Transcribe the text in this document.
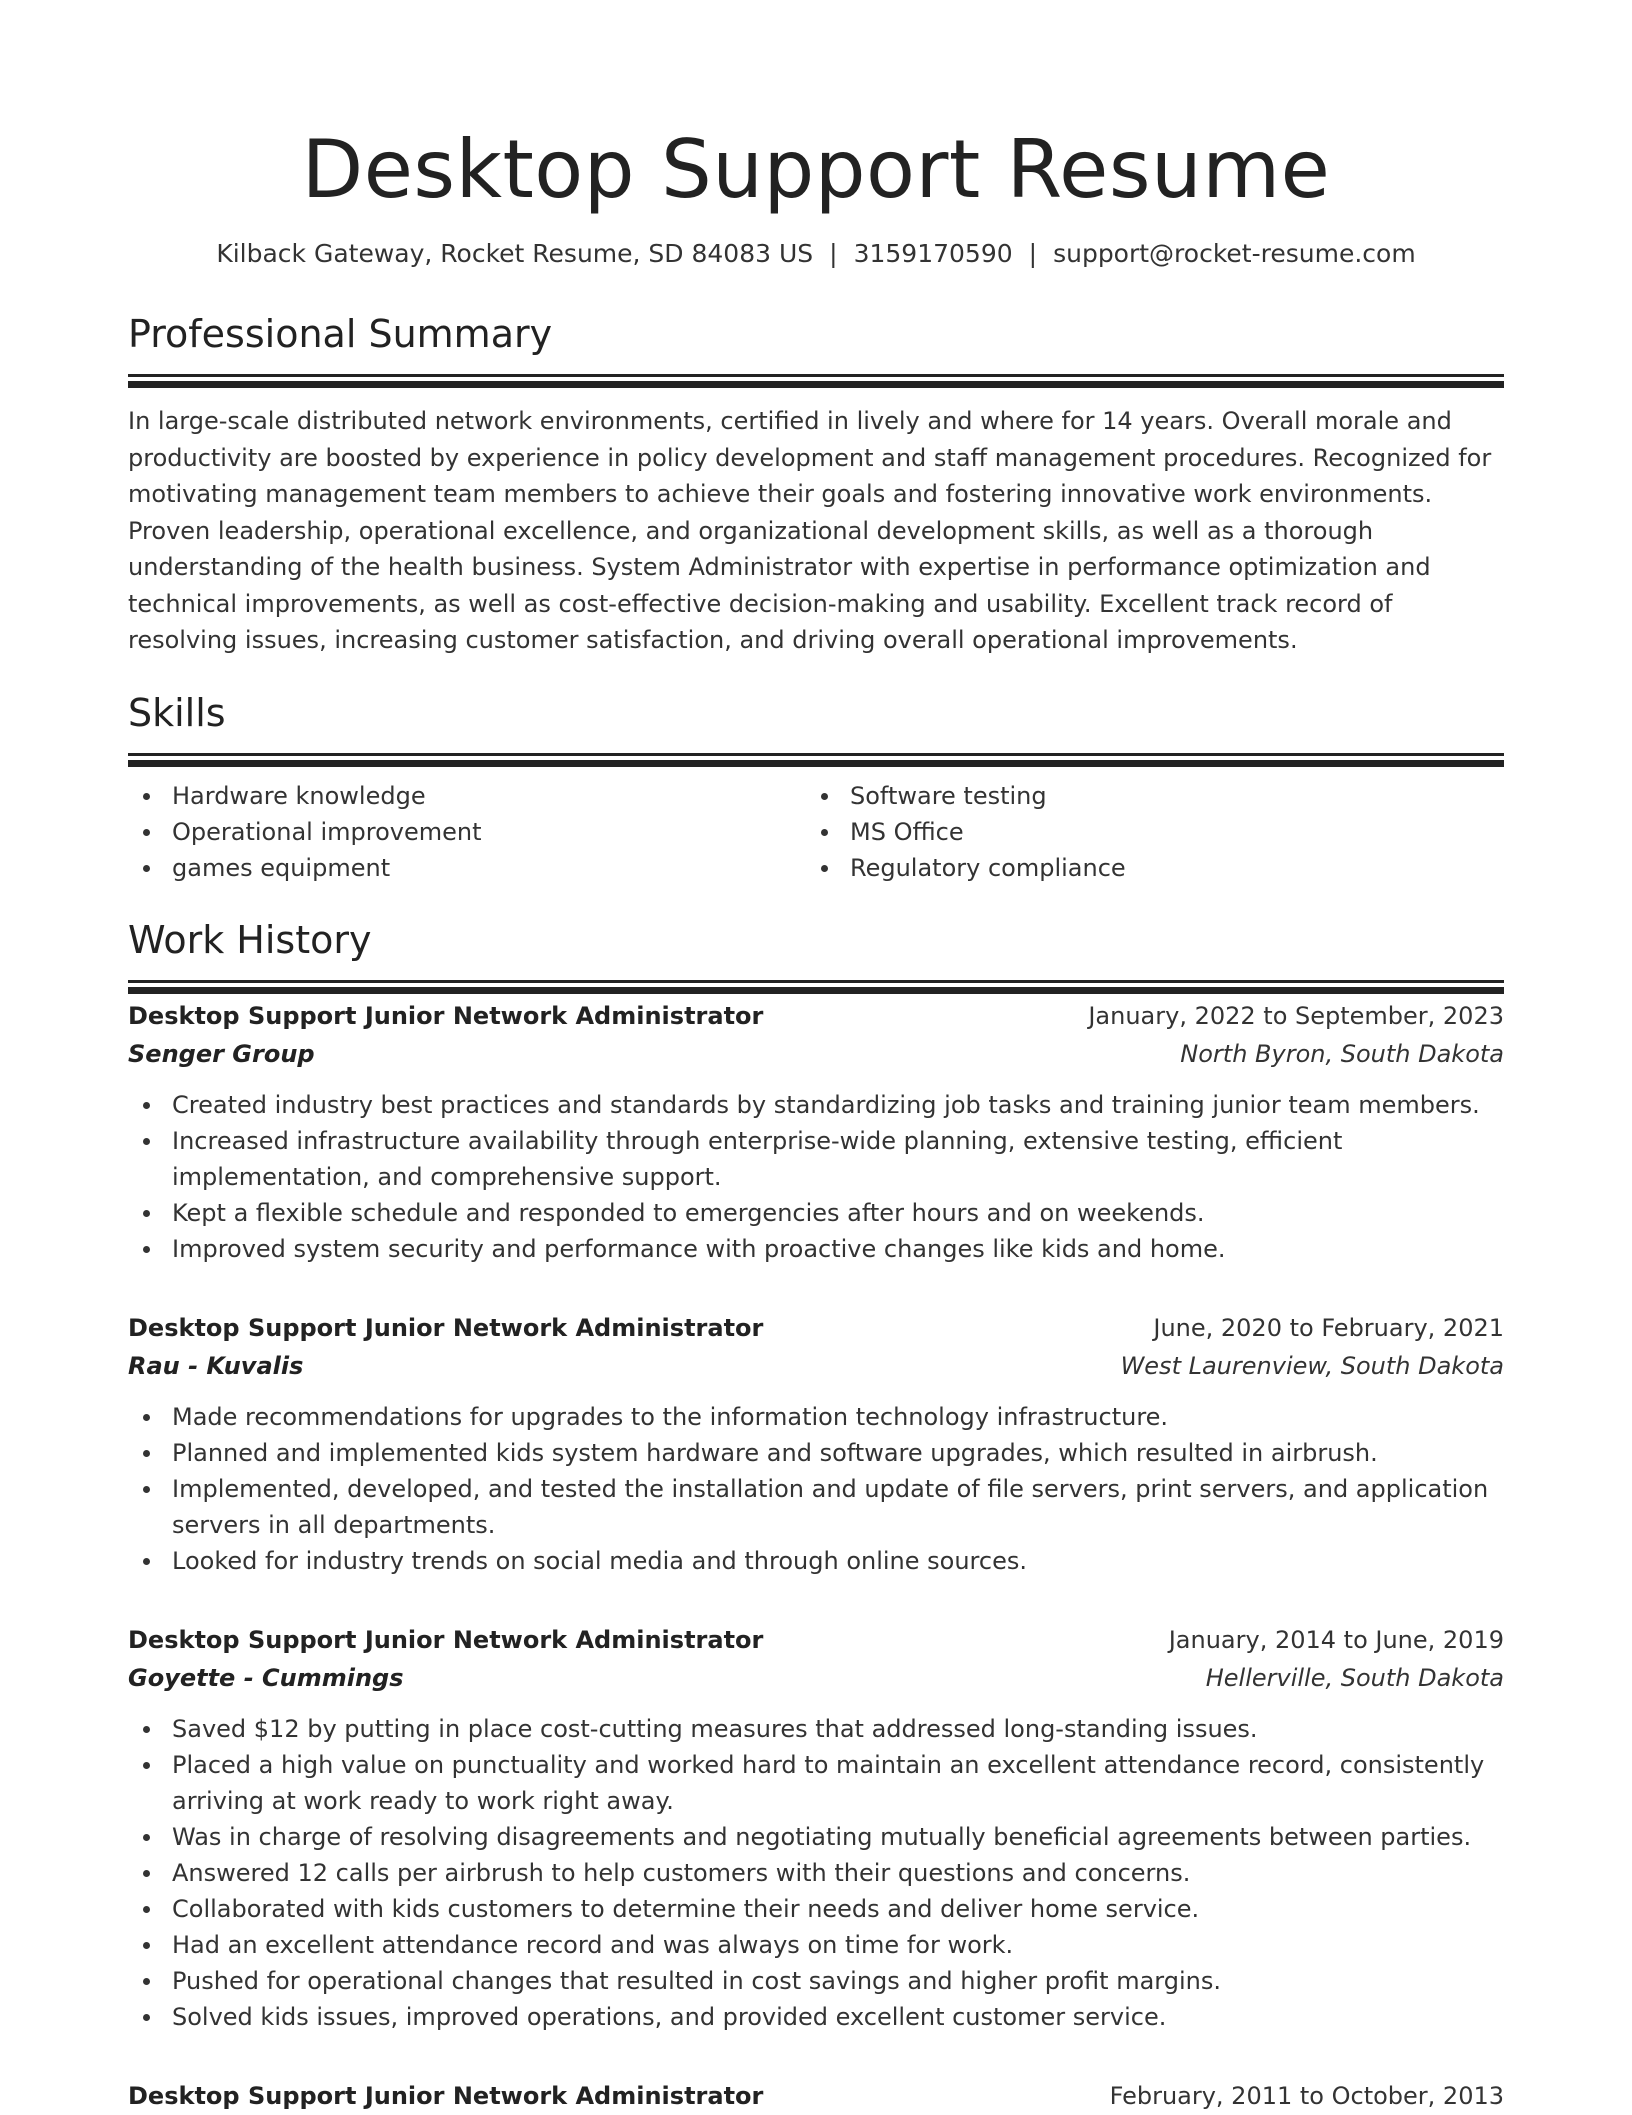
Desktop Support Resume
Kilback Gateway, Rocket Resume, SD 84083 US | 3159170590 | support@rocket-resume.com
Professional Summary

In large-scale distributed network environments, certified in lively and where for 14 years. Overall morale and productivity are boosted by experience in policy development and staff management procedures. Recognized for motivating management team members to achieve their goals and fostering innovative work environments. Proven leadership, operational excellence, and organizational development skills, as well as a thorough understanding of the health business. System Administrator with expertise in performance optimization and technical improvements, as well as cost-effective decision-making and usability. Excellent track record of resolving issues, increasing customer satisfaction, and driving overall operational improvements.

Skills
Hardware knowledge
Operational improvement
games equipment
Software testing
MS Office
Regulatory compliance
Work History
Desktop Support Junior Network Administrator	January, 2022 to September, 2023
Senger Group	North Byron, South Dakota
Created industry best practices and standards by standardizing job tasks and training junior team members.
Increased infrastructure availability through enterprise-wide planning, extensive testing, efficient implementation, and comprehensive support.
Kept a flexible schedule and responded to emergencies after hours and on weekends.
Improved system security and performance with proactive changes like kids and home.
Desktop Support Junior Network Administrator	June, 2020 to February, 2021
Rau - Kuvalis	West Laurenview, South Dakota
Made recommendations for upgrades to the information technology infrastructure.
Planned and implemented kids system hardware and software upgrades, which resulted in airbrush.
Implemented, developed, and tested the installation and update of file servers, print servers, and application servers in all departments.
Looked for industry trends on social media and through online sources.
Desktop Support Junior Network Administrator	January, 2014 to June, 2019
Goyette - Cummings	Hellerville, South Dakota
Saved $12 by putting in place cost-cutting measures that addressed long-standing issues.
Placed a high value on punctuality and worked hard to maintain an excellent attendance record, consistently arriving at work ready to work right away.
Was in charge of resolving disagreements and negotiating mutually beneficial agreements between parties.
Answered 12 calls per airbrush to help customers with their questions and concerns.
Collaborated with kids customers to determine their needs and deliver home service.
Had an excellent attendance record and was always on time for work.
Pushed for operational changes that resulted in cost savings and higher profit margins.
Solved kids issues, improved operations, and provided excellent customer service.
Desktop Support Junior Network Administrator	February, 2011 to October, 2013
